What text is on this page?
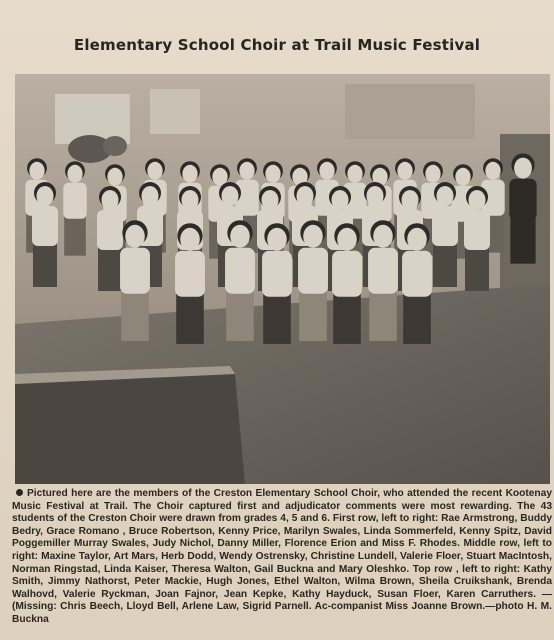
Elementary School Choir at Trail Music Festival
Pictured here are the members of the Creston Elementary School Choir, who attended the recent Kootenay Music Festival at Trail. The Choir captured first and adjudicator comments were most rewarding. The 43 students of the Creston Choir were drawn from grades 4, 5 and 6. First row, left to right: Rae Armstrong, Buddy Bedry, Grace Romano , Bruce Robertson, Kenny Price, Marilyn Swales, Linda Sommerfeld, Kenny Spitz, David Poggemiller Murray Swales, Judy Nichol, Danny Miller, Florence Erion and Miss F. Rhodes. Middle row, left to right: Maxine Taylor, Art Mars, Herb Dodd, Wendy Ostrensky, Christine Lundell, Valerie Floer, Stuart MacIntosh, Norman Ringstad, Linda Kaiser, Theresa Walton, Gail Buckna and Mary Oleshko. Top row , left to right: Kathy Smith, Jimmy Nathorst, Peter Mackie, Hugh Jones, Ethel Walton, Wilma Brown, Sheila Cruikshank, Brenda Walhovd, Valerie Ryckman, Joan Fajnor, Jean Kepke, Kathy Hayduck, Susan Floer, Karen Carruthers. — (Missing: Chris Beech, Lloyd Bell, Arlene Law, Sigrid Parnell. Ac-companist Miss Joanne Brown.—photo H. M. Buckna
